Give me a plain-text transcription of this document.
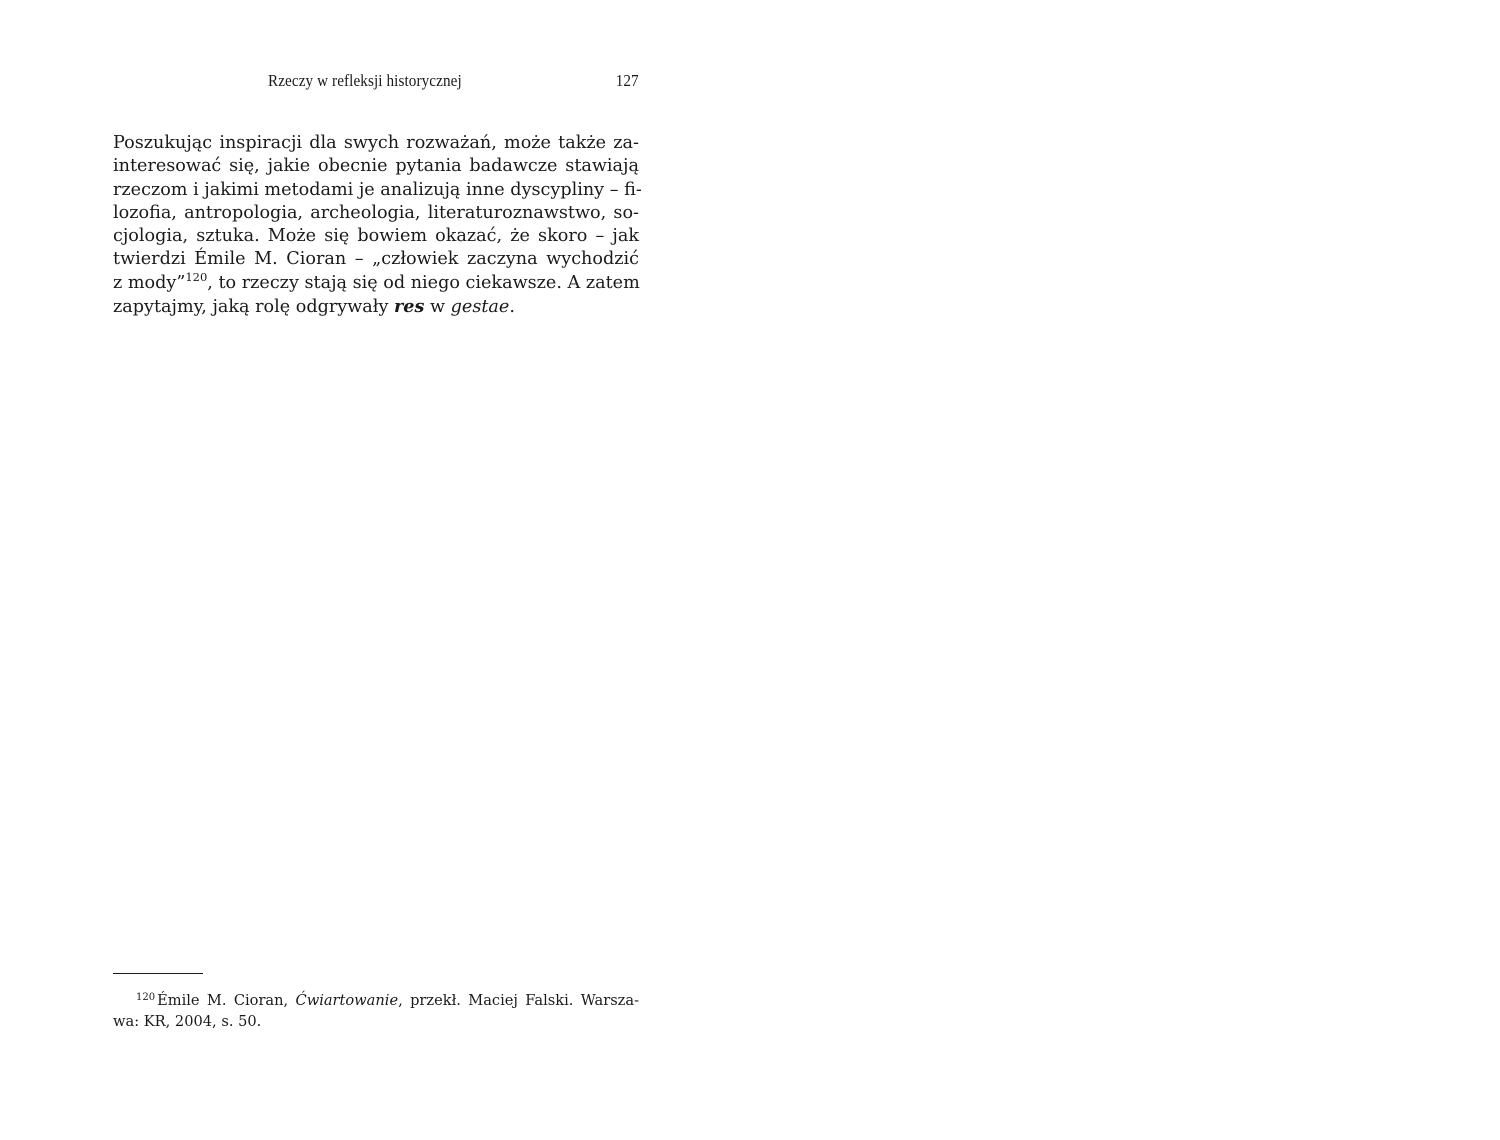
Rzeczy w refleksji historycznej	127
Poszukując inspiracji dla swych rozważań, może także za-
interesować się, jakie obecnie pytania badawcze stawiają
rzeczom i jakimi metodami je analizują inne dyscypliny – fi-
lozofia, antropologia, archeologia, literaturoznawstwo, so-
cjologia, sztuka. Może się bowiem okazać, że skoro – jak
twierdzi Émile M. Cioran – „człowiek zaczyna wychodzić
z mody”$^{120}$, to rzeczy stają się od niego ciekawsze. A zatem
zapytajmy, jaką rolę odgrywały res w gestae.
$^{120}$ Émile M. Cioran, Ćwiartowanie, przekł. Maciej Falski. Warsza-
wa: KR, 2004, s. 50.
